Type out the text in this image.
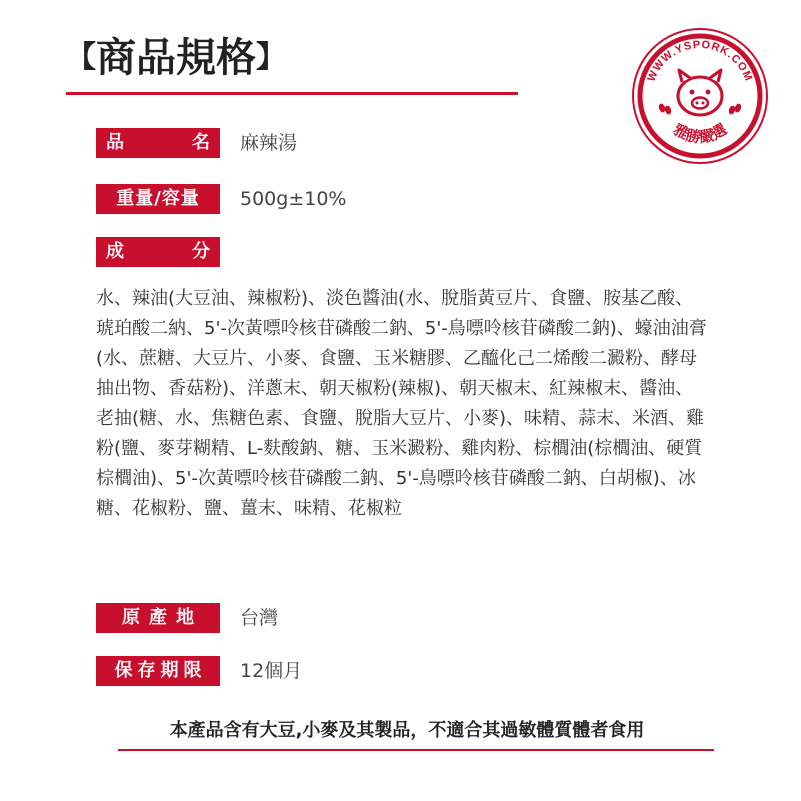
【商品規格】
WWW.YSPORK.COM
雅勝嚴選
品	名 麻辣湯
重量/容量	500g±10%
成	分
水、辣油(大豆油、辣椒粉)、淡色醬油(水、脫脂黃豆片、食鹽、胺基乙酸、琥珀酸二納、5'-次黃嘌呤核苷磷酸二鈉、5'-鳥嘌呤核苷磷酸二鈉)、蠔油油膏(水、蔗糖、大豆片、小麥、食鹽、玉米糖膠、乙醯化己二烯酸二澱粉、酵母抽出物、香菇粉)、洋蔥末、朝天椒粉(辣椒)、朝天椒末、紅辣椒末、醬油、老抽(糖、水、焦糖色素、食鹽、脫脂大豆片、小麥)、味精、蒜末、米酒、雞粉(鹽、麥芽糊精、L-麩酸鈉、糖、玉米澱粉、雞肉粉、棕櫚油(棕櫚油、硬質棕櫚油)、5'-次黃嘌呤核苷磷酸二鈉、5'-鳥嘌呤核苷磷酸二鈉、白胡椒)、冰糖、花椒粉、鹽、薑末、味精、花椒粒
原產地	台灣
保存期限	12個月
本產品含有大豆,小麥及其製品，不適合其過敏體質體者食用
